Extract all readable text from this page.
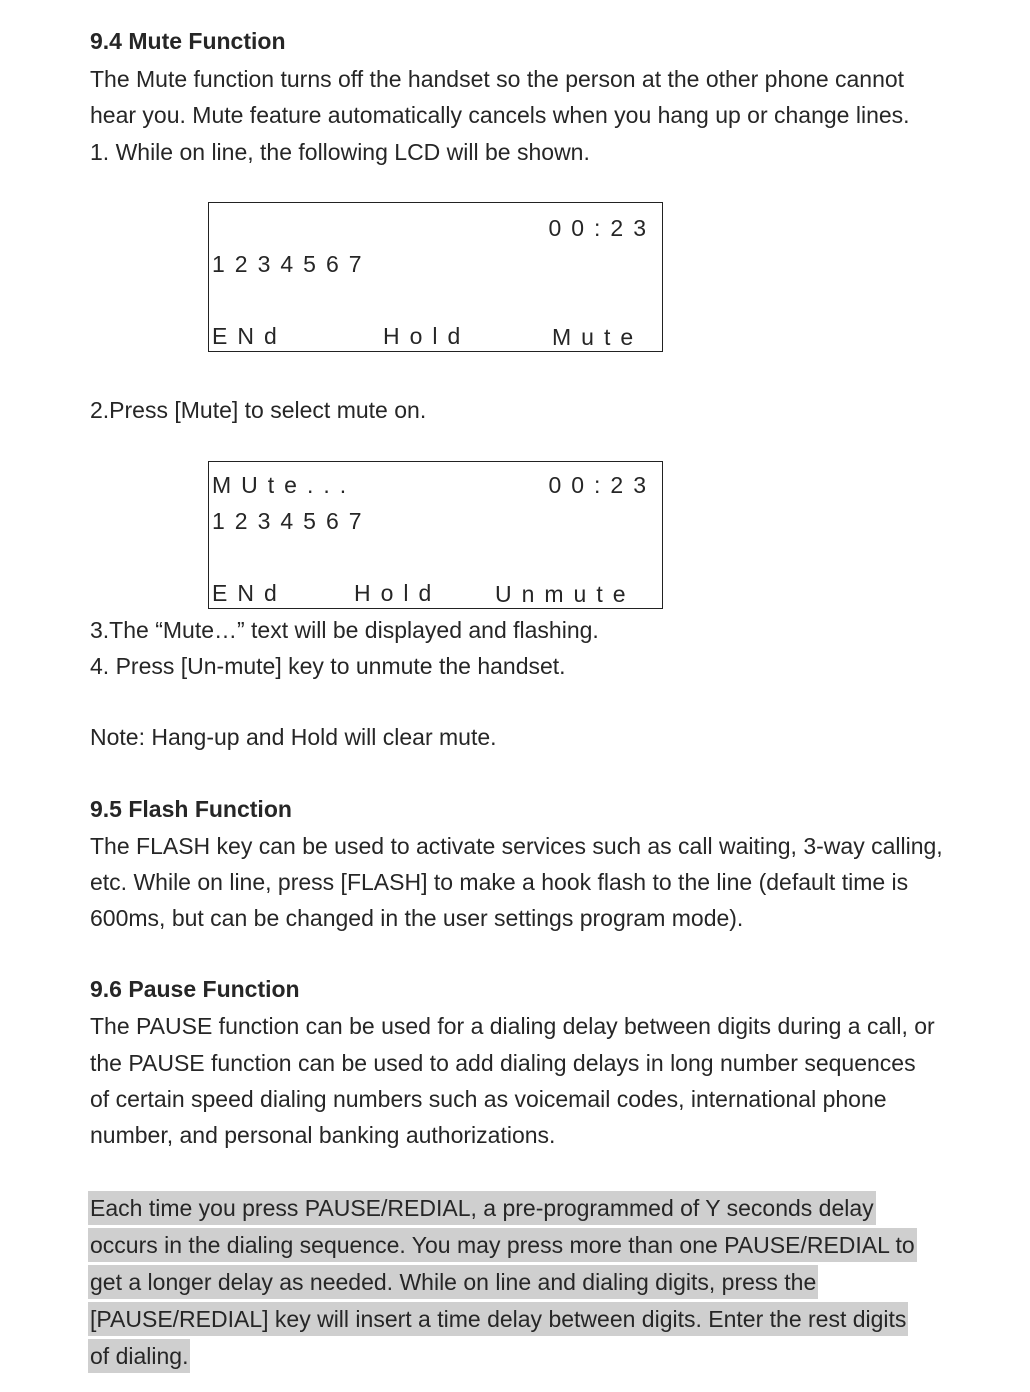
9.4 Mute Function
The Mute function turns off the handset so the person at the other phone cannot
hear you. Mute feature automatically cancels when you hang up or change lines.
1. While on line, the following LCD will be shown.
00:23
1234567
ENd	Hold	Mute
2.Press [Mute] to select mute on.
MUte...	00:23
1234567
ENd	Hold Unmute
3.The “Mute…” text will be displayed and flashing.
4. Press [Un-mute] key to unmute the handset.
Note: Hang-up and Hold will clear mute.
9.5 Flash Function
The FLASH key can be used to activate services such as call waiting, 3-way calling,
etc. While on line, press [FLASH] to make a hook flash to the line (default time is
600ms, but can be changed in the user settings program mode).
9.6 Pause Function
The PAUSE function can be used for a dialing delay between digits during a call, or
the PAUSE function can be used to add dialing delays in long number sequences
of certain speed dialing numbers such as voicemail codes, international phone
number, and personal banking authorizations.
Each time you press PAUSE/REDIAL, a pre-programmed of Y seconds delay
occurs in the dialing sequence. You may press more than one PAUSE/REDIAL to
get a longer delay as needed. While on line and dialing digits, press the
[PAUSE/REDIAL] key will insert a time delay between digits. Enter the rest digits
of dialing.
